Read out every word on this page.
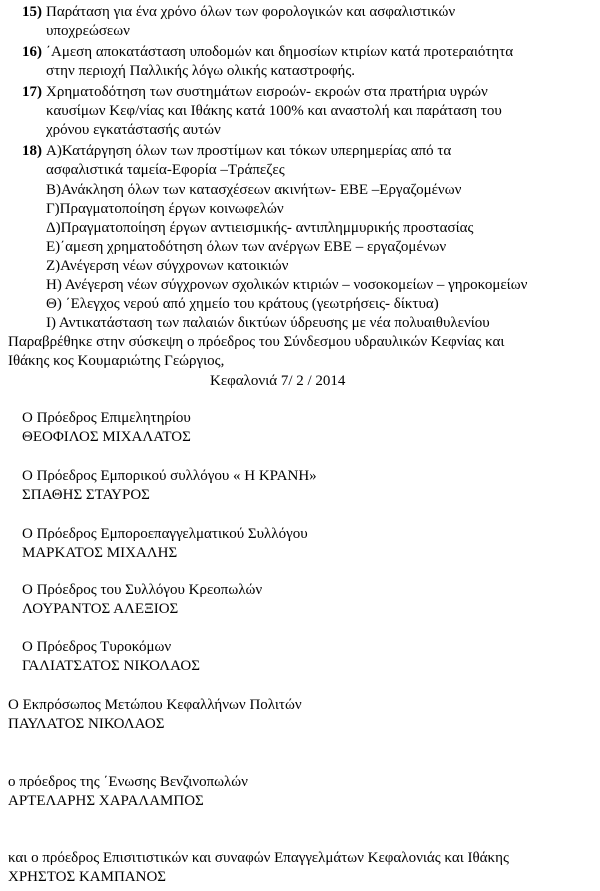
15) Παράταση για ένα χρόνο όλων των φορολογικών και ασφαλιστικών
υποχρεώσεων
16) ΄Αμεση αποκατάσταση υποδομών και δημοσίων κτιρίων κατά προτεραιότητα
στην περιοχή Παλλικής λόγω ολικής καταστροφής.
17) Χρηματοδότηση των συστημάτων εισροών- εκροών στα πρατήρια υγρών
καυσίμων Κεφ/νίας και Ιθάκης κατά 100% και αναστολή και παράταση του
χρόνου εγκατάστασής αυτών
18) Α)Κατάργηση όλων των προστίμων και τόκων υπερημερίας από τα
ασφαλιστικά ταμεία-Εφορία –Τράπεζες
Β)Ανάκληση όλων των κατασχέσεων ακινήτων- ΕΒΕ –Εργαζομένων
Γ)Πραγματοποίηση έργων κοινωφελών
Δ)Πραγματοποίηση έργων αντιεισμικής- αντιπλημμυρικής προστασίας
Ε)΄αμεση χρηματοδότηση όλων των ανέργων ΕΒΕ – εργαζομένων
Ζ)Ανέγερση νέων σύγχρονων κατοικιών
Η) Ανέγερση νέων σύγχρονων σχολικών κτιριών – νοσοκομείων – γηροκομείων
Θ) ΄Ελεγχος νερού από χημείο του κράτους (γεωτρήσεις- δίκτυα)
Ι) Αντικατάσταση των παλαιών δικτύων ύδρευσης με νέα πολυαιθυλενίου
Παραβρέθηκε στην σύσκεψη ο πρόεδρος του Σύνδεσμου υδραυλικών Κεφνίας και
Ιθάκης κος Κουμαριώτης Γεώργιος,
Κεφαλονιά 7/ 2 / 2014
Ο Πρόεδρος Επιμελητηρίου
ΘΕΟΦΙΛΟΣ ΜΙΧΑΛΑΤΟΣ
Ο Πρόεδρος Εμπορικού συλλόγου « Η ΚΡΑΝΗ»
ΣΠΑΘΗΣ ΣΤΑΥΡΟΣ
Ο Πρόεδρος Εμποροεπαγγελματικού Συλλόγου
ΜΑΡΚΑΤΟΣ ΜΙΧΑΛΗΣ
Ο Πρόεδρος του Συλλόγου Κρεοπωλών
ΛΟΥΡΑΝΤΟΣ ΑΛΕΞΙΟΣ
Ο Πρόεδρος Τυροκόμων
ΓΑΛΙΑΤΣΑΤΟΣ ΝΙΚΟΛΑΟΣ
Ο Εκπρόσωπος Μετώπου Κεφαλλήνων Πολιτών
ΠΑΥΛΑΤΟΣ ΝΙΚΟΛΑΟΣ
ο πρόεδρος της ΄Ενωσης Βενζινοπωλών
ΑΡΤΕΛΑΡΗΣ ΧΑΡΑΛΑΜΠΟΣ
και ο πρόεδρος Επισιτιστικών και συναφών Επαγγελμάτων Κεφαλονιάς και Ιθάκης
ΧΡΗΣΤΟΣ ΚΑΜΠΑΝΟΣ
